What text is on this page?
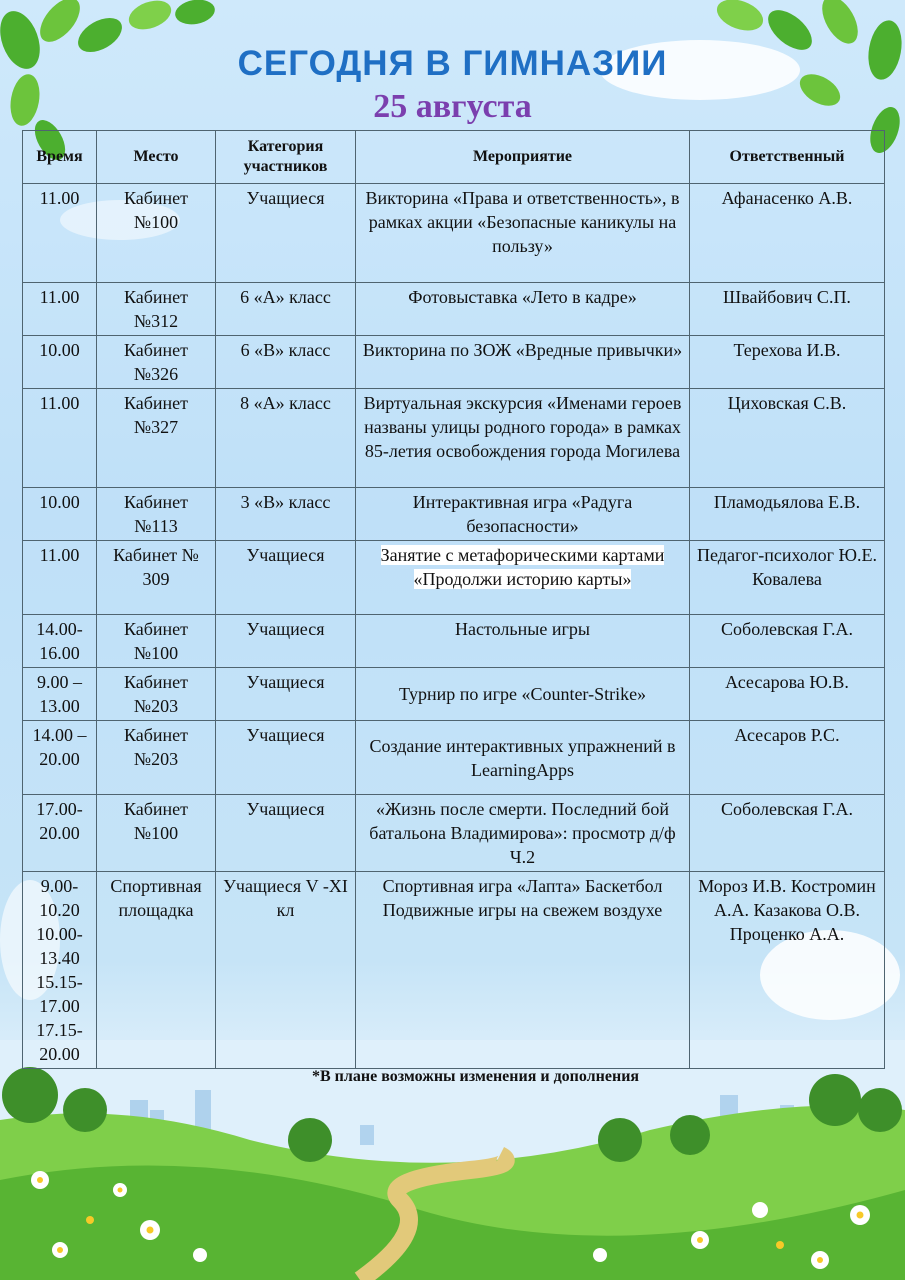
СЕГОДНЯ В ГИМНАЗИИ
25 августа
Время	Место	Категория участников	Мероприятие	Ответственный
11.00	Кабинет №100	Учащиеся	Викторина «Права и ответственность», в рамках акции «Безопасные каникулы на пользу»	Афанасенко А.В.
11.00	Кабинет №312	6 «А» класс	Фотовыставка «Лето в кадре»	Швайбович С.П.
10.00	Кабинет №326	6 «В» класс	Викторина по ЗОЖ «Вредные привычки»	Терехова И.В.
11.00	Кабинет №327	8 «А» класс	Виртуальная экскурсия «Именами героев названы улицы родного города» в рамках 85-летия освобождения города Могилева	Циховская С.В.
10.00	Кабинет №113	3 «В» класс	Интерактивная игра «Радуга безопасности»	Пламодьялова Е.В.
11.00	Кабинет № 309	Учащиеся	Занятие с метафорическими картами «Продолжи историю карты»	Педагог-психолог Ю.Е. Ковалева
14.00-16.00	Кабинет №100	Учащиеся	Настольные игры	Соболевская Г.А.
9.00 – 13.00	Кабинет №203	Учащиеся	Турнир по игре «Counter-Strike»	Асесарова Ю.В.
14.00 – 20.00	Кабинет №203	Учащиеся	Создание интерактивных упражнений в LearningApps	Асесаров Р.С.
17.00-20.00	Кабинет №100	Учащиеся	«Жизнь после смерти. Последний бой батальона Владимирова»: просмотр д/ф Ч.2	Соболевская Г.А.
9.00-10.20 10.00-13.40 15.15-17.00 17.15-20.00	Спортивная площадка	Учащиеся V -XI кл	Спортивная игра «Лапта» Баскетбол Подвижные игры на свежем воздухе	Мороз И.В. Костромин А.А. Казакова О.В. Проценко А.А.
*В плане возможны изменения и дополнения
